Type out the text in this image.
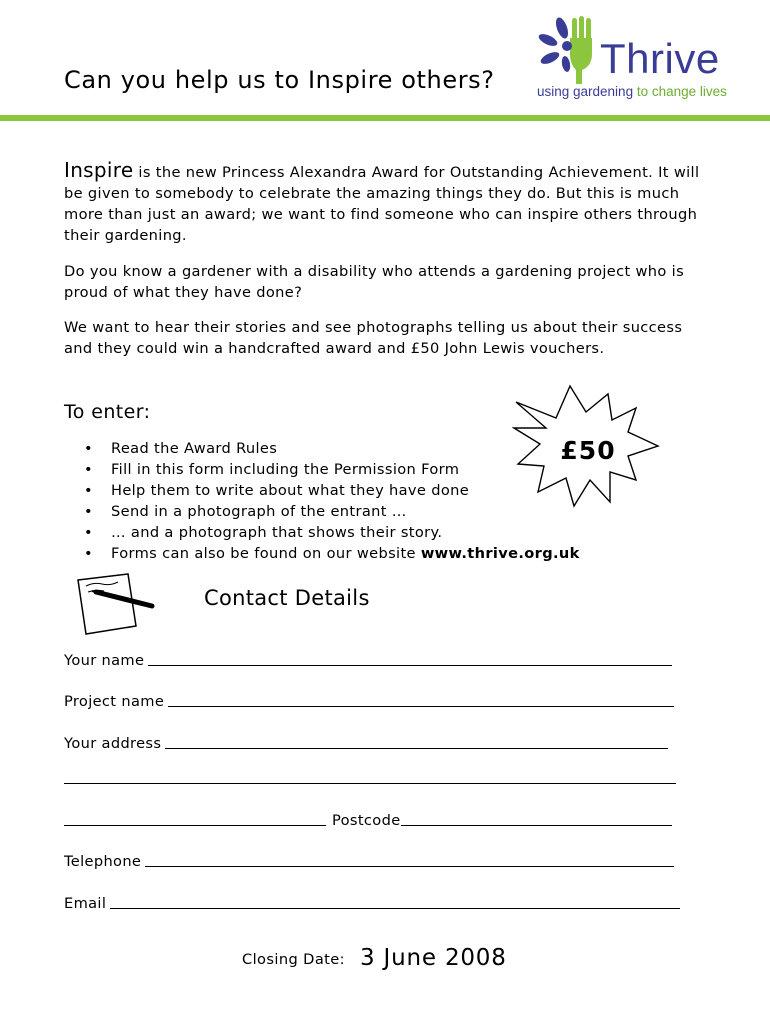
Can you help us to Inspire others?	Thrive
using gardening to change lives
Inspire is the new Princess Alexandra Award for Outstanding Achievement. It will be given to somebody to celebrate the amazing things they do. But this is much more than just an award; we want to find someone who can inspire others through their gardening.
Do you know a gardener with a disability who attends a gardening project who is proud of what they have done?
We want to hear their stories and see photographs telling us about their success and they could win a handcrafted award and £50 John Lewis vouchers.
To enter:
• Read the Award Rules
• Fill in this form including the Permission Form
• Help them to write about what they have done
• Send in a photograph of the entrant …
• … and a photograph that shows their story.
• Forms can also be found on our website www.thrive.org.uk
£50
Contact Details
Your name
Project name
Your address
Postcode
Telephone
Email
Closing Date: 3 June 2008
